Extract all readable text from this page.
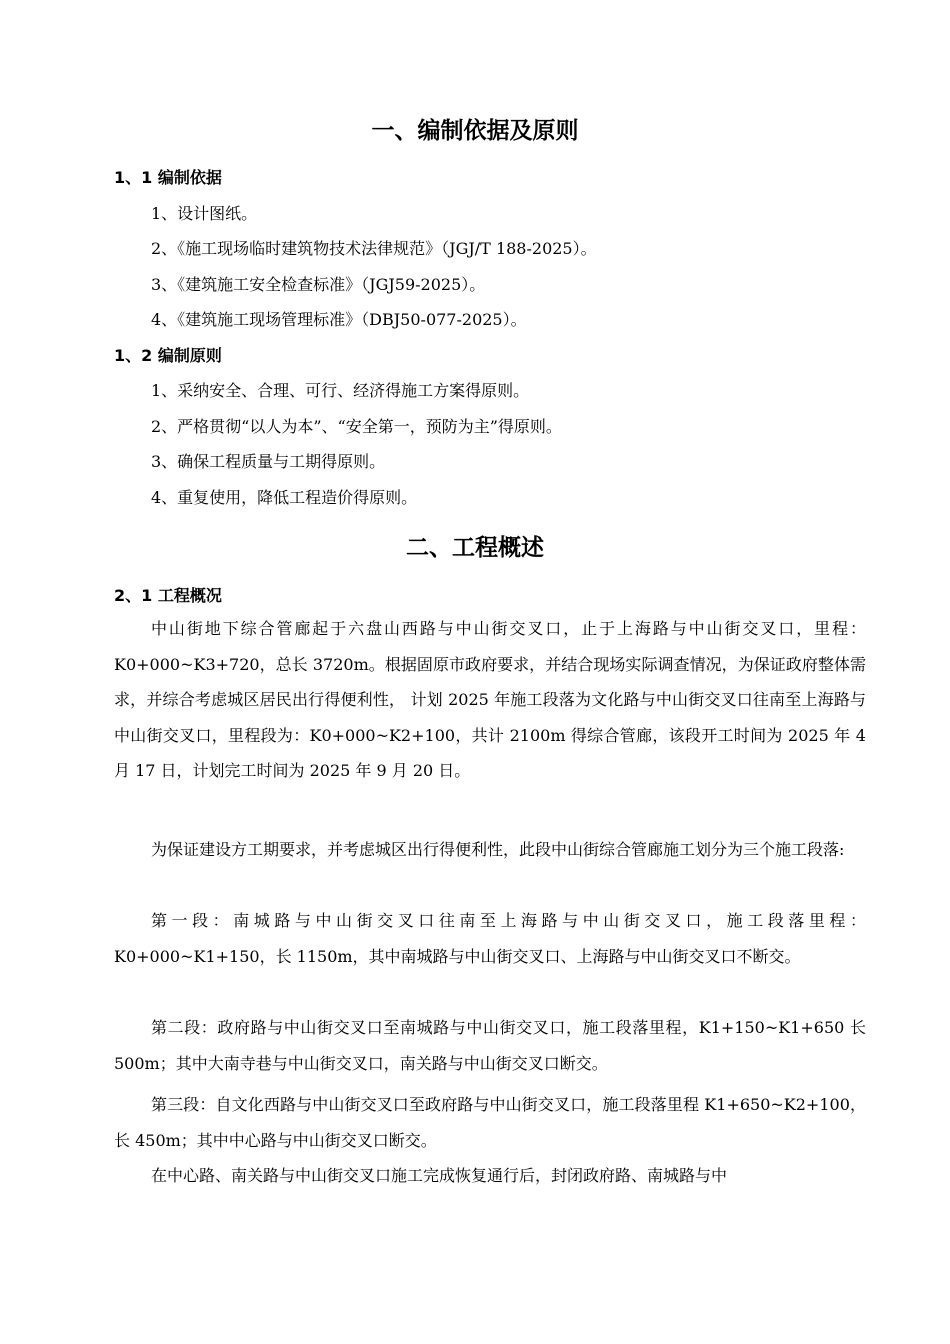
一、编制依据及原则
1、1 编制依据

1、设计图纸。

2、《施工现场临时建筑物技术法律规范》（JGJ/T 188-2025）。

3、《建筑施工安全检查标准》（JGJ59-2025）。

4、《建筑施工现场管理标准》（DBJ50-077-2025）。

1、2 编制原则

1、采纳安全、合理、可行、经济得施工方案得原则。

2、严格贯彻“以人为本”、“安全第一，预防为主”得原则。

3、确保工程质量与工期得原则。

4、重复使用，降低工程造价得原则。

二、工程概述
2、1 工程概况

中山街地下综合管廊起于六盘山西路与中山街交叉口，止于上海路与中山街交叉口，里程：K0+000~K3+720，总长 3720m。根据固原市政府要求，并结合现场实际调查情况，为保证政府整体需求，并综合考虑城区居民出行得便利性， 计划 2025 年施工段落为文化路与中山街交叉口往南至上海路与中山街交叉口，里程段为：K0+000~K2+100，共计 2100m 得综合管廊，该段开工时间为 2025 年 4 月 17 日，计划完工时间为 2025 年 9 月 20 日。

为保证建设方工期要求，并考虑城区出行得便利性，此段中山街综合管廊施工划分为三个施工段落:

第一段：南城路与中山街交叉口往南至上海路与中山街交叉口，施工段落里程：K0+000~K1+150，长 1150m，其中南城路与中山街交叉口、上海路与中山街交叉口不断交。

第二段：政府路与中山街交叉口至南城路与中山街交叉口，施工段落里程，K1+150~K1+650 长 500m；其中大南寺巷与中山街交叉口，南关路与中山街交叉口断交。

第三段：自文化西路与中山街交叉口至政府路与中山街交叉口，施工段落里程 K1+650~K2+100，长 450m；其中中心路与中山街交叉口断交。

在中心路、南关路与中山街交叉口施工完成恢复通行后，封闭政府路、南城路与中
